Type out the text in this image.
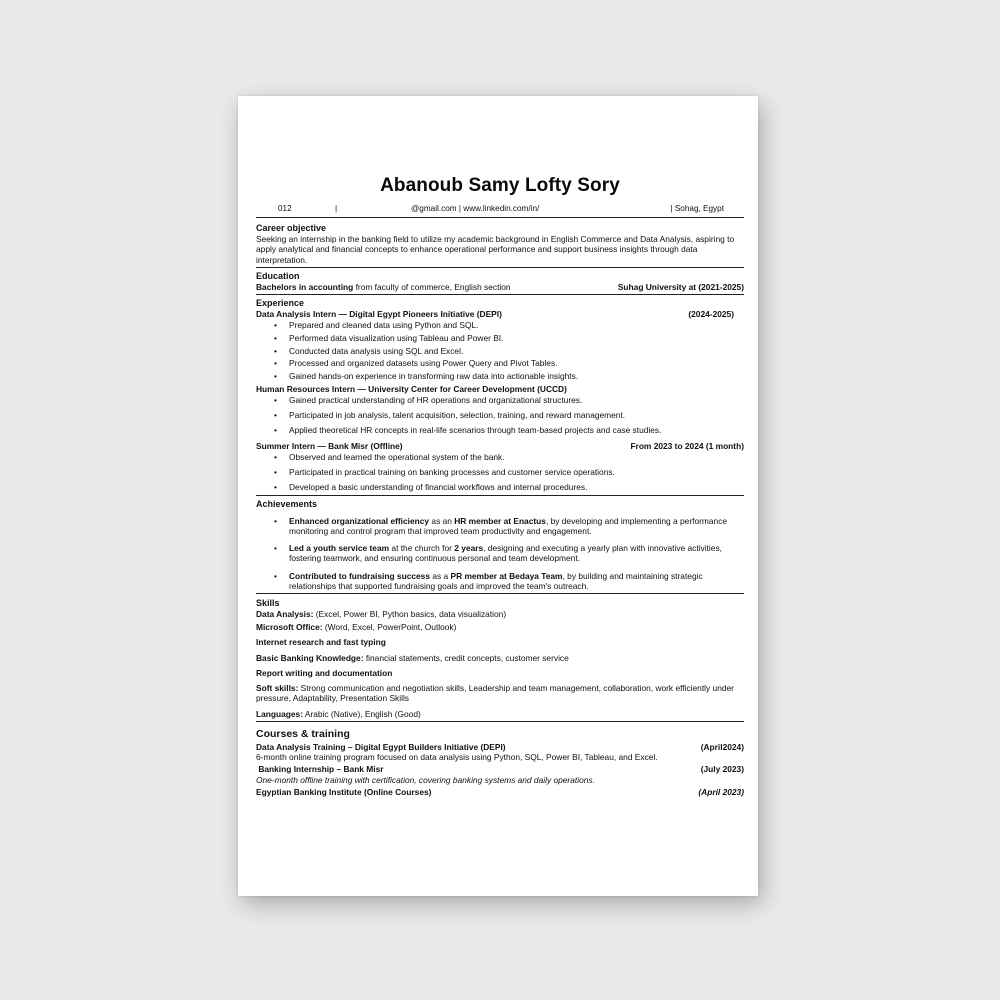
Abanoub Samy Lofty Sory
012	|	@gmail.com | www.linkedin.com/in/	| Sohag, Egypt
Career objective
Seeking an internship in the banking field to utilize my academic background in English Commerce and Data Analysis, aspiring to apply analytical and financial concepts to enhance operational performance and support business insights through data interpretation.
Education
Bachelors in accounting from faculty of commerce, English section	Suhag University at (2021-2025)
Experience
Data Analysis Intern — Digital Egypt Pioneers Initiative (DEPI)	(2024-2025)
• Prepared and cleaned data using Python and SQL.
• Performed data visualization using Tableau and Power BI.
• Conducted data analysis using SQL and Excel.
• Processed and organized datasets using Power Query and Pivot Tables.
• Gained hands-on experience in transforming raw data into actionable insights.
Human Resources Intern — University Center for Career Development (UCCD)
• Gained practical understanding of HR operations and organizational structures.
• Participated in job analysis, talent acquisition, selection, training, and reward management.
• Applied theoretical HR concepts in real-life scenarios through team-based projects and case studies.
Summer Intern — Bank Misr (Offline)	From 2023 to 2024 (1 month)
• Observed and learned the operational system of the bank.
• Participated in practical training on banking processes and customer service operations.
• Developed a basic understanding of financial workflows and internal procedures.
Achievements
• Enhanced organizational efficiency as an HR member at Enactus, by developing and implementing a performance monitoring and control program that improved team productivity and engagement.
• Led a youth service team at the church for 2 years, designing and executing a yearly plan with innovative activities, fostering teamwork, and ensuring continuous personal and team development.
• Contributed to fundraising success as a PR member at Bedaya Team, by building and maintaining strategic relationships that supported fundraising goals and improved the team's outreach.
Skills
Data Analysis: (Excel, Power BI, Python basics, data visualization)
Microsoft Office: (Word, Excel, PowerPoint, Outlook)
Internet research and fast typing
Basic Banking Knowledge: financial statements, credit concepts, customer service
Report writing and documentation
Soft skills: Strong communication and negotiation skills, Leadership and team management, collaboration, work efficiently under pressure, Adaptability, Presentation Skills
Languages: Arabic (Native), English (Good)
Courses & training
Data Analysis Training – Digital Egypt Builders Initiative (DEPI)	(April2024)
6-month online training program focused on data analysis using Python, SQL, Power BI, Tableau, and Excel.
Banking Internship – Bank Misr	(July 2023)
One-month offline training with certification, covering banking systems and daily operations.
Egyptian Banking Institute (Online Courses)	(April 2023)
